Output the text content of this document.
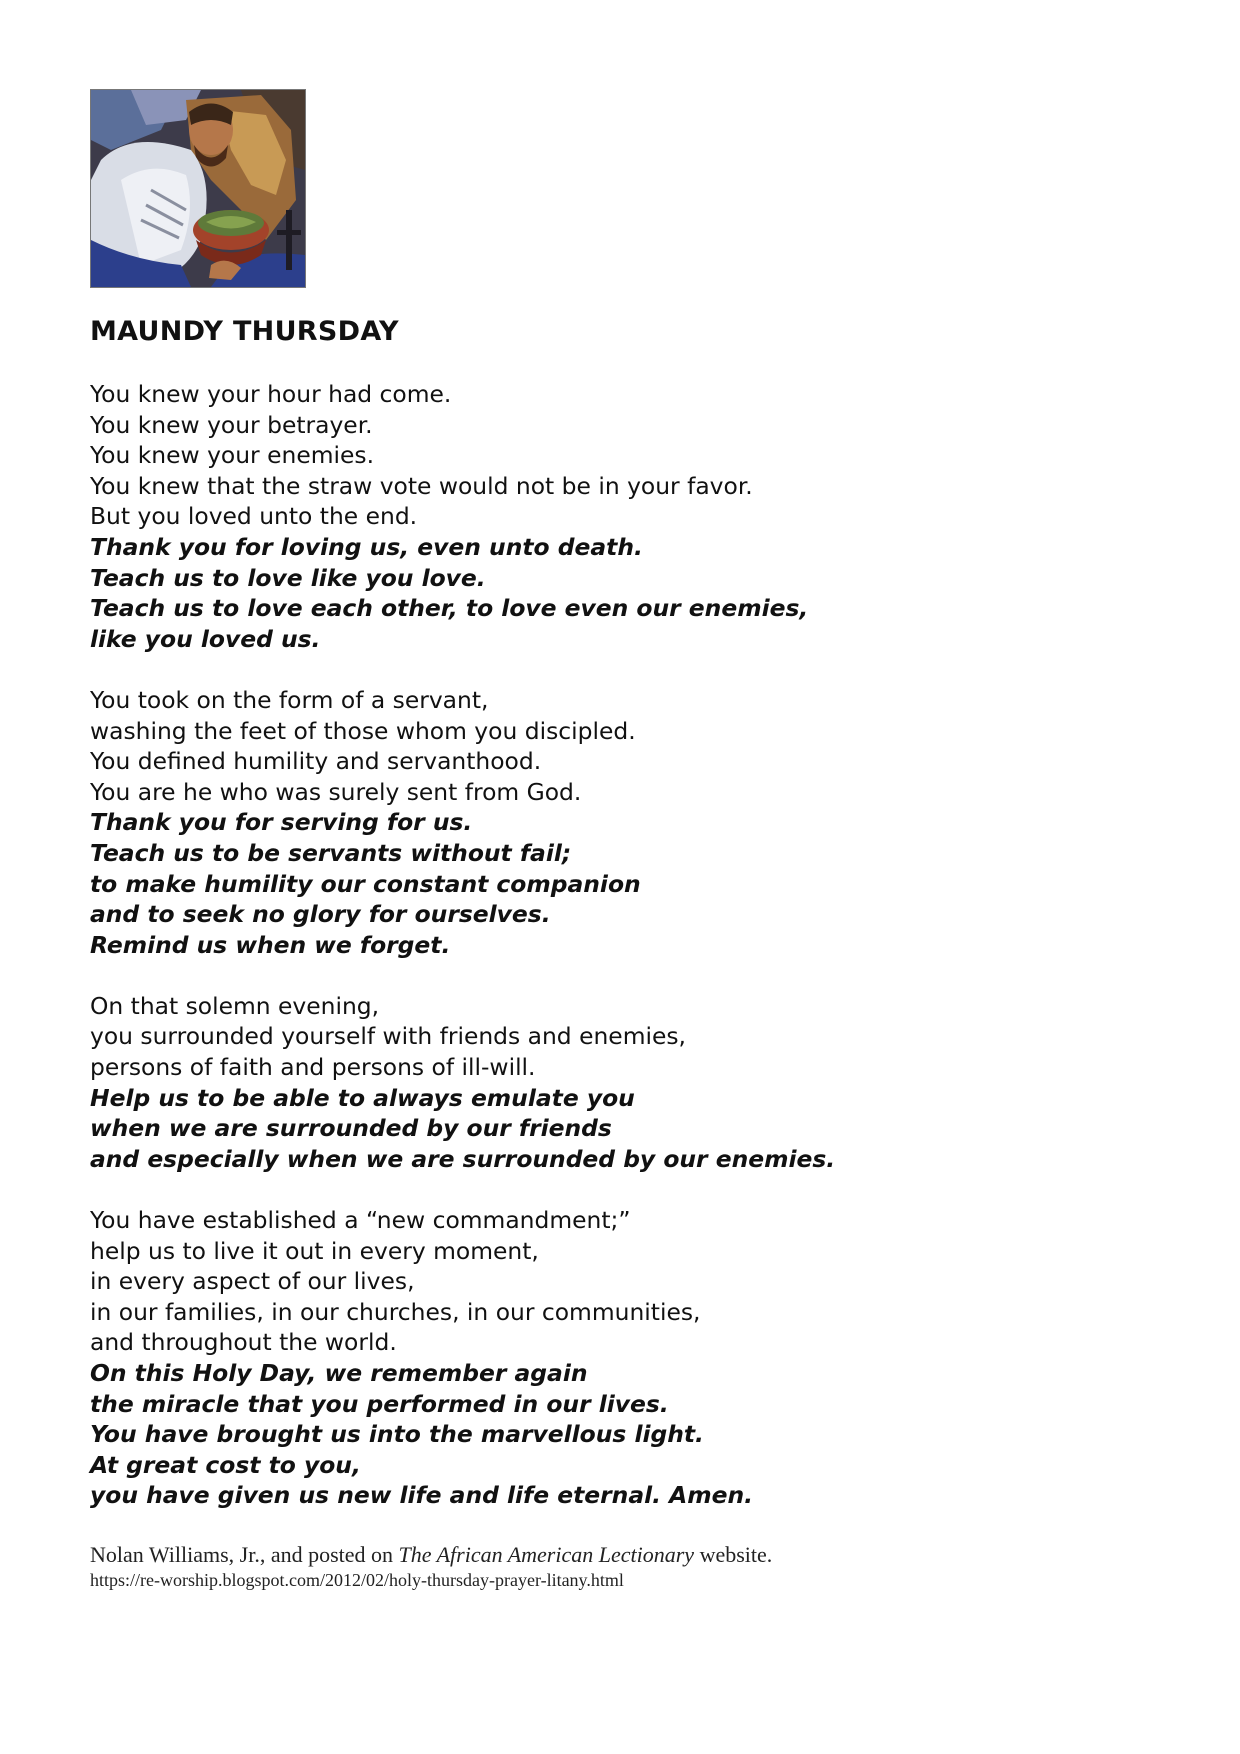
MAUNDY THURSDAY
You knew your hour had come.
You knew your betrayer.
You knew your enemies.
You knew that the straw vote would not be in your favor.
But you loved unto the end.
Thank you for loving us, even unto death.
Teach us to love like you love.
Teach us to love each other, to love even our enemies,
like you loved us.
You took on the form of a servant,
washing the feet of those whom you discipled.
You defined humility and servanthood.
You are he who was surely sent from God.
Thank you for serving for us.
Teach us to be servants without fail;
to make humility our constant companion
and to seek no glory for ourselves.
Remind us when we forget.
On that solemn evening,
you surrounded yourself with friends and enemies,
persons of faith and persons of ill-will.
Help us to be able to always emulate you
when we are surrounded by our friends
and especially when we are surrounded by our enemies.
You have established a “new commandment;”
help us to live it out in every moment,
in every aspect of our lives,
in our families, in our churches, in our communities,
and throughout the world.
On this Holy Day, we remember again
the miracle that you performed in our lives.
You have brought us into the marvellous light.
At great cost to you,
you have given us new life and life eternal. Amen.
Nolan Williams, Jr., and posted on The African American Lectionary website.
https://re-worship.blogspot.com/2012/02/holy-thursday-prayer-litany.html
